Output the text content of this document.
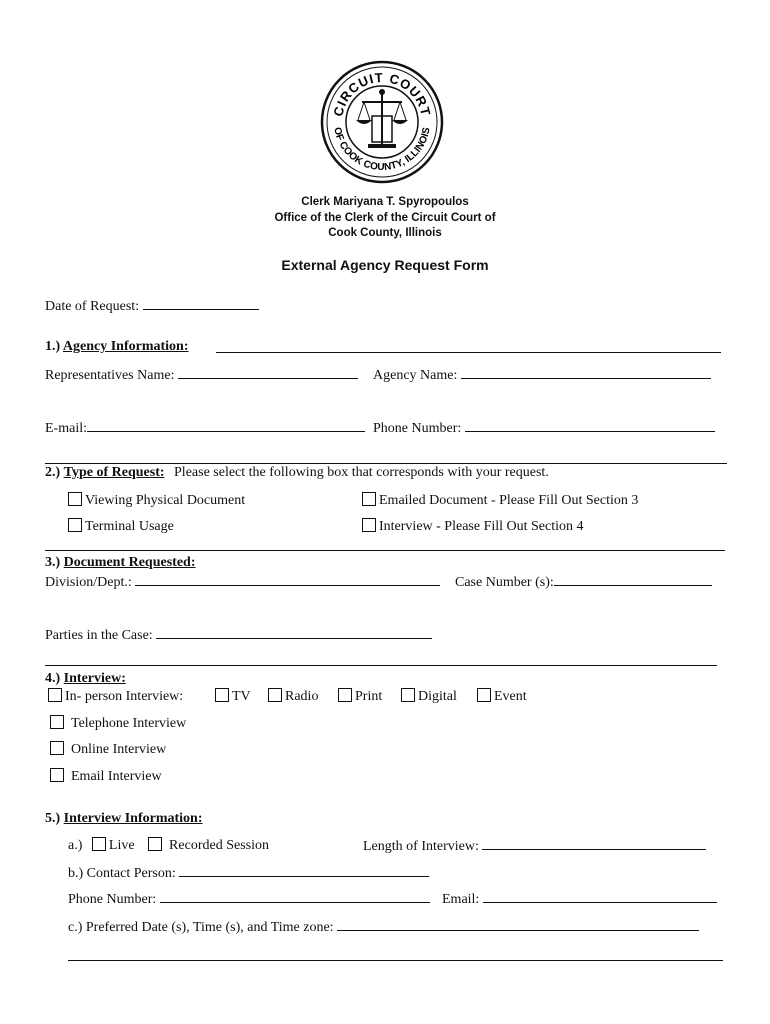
CIRCUIT COURT
OF COOK COUNTY, ILLINOIS
Clerk Mariyana T. Spyropoulos
Office of the Clerk of the Circuit Court of
Cook County, Illinois
External Agency Request Form
Date of Request:
1.) Agency Information:
Representatives Name:	Agency Name:
E-mail:	Phone Number:
2.) Type of Request: Please select the following box that corresponds with your request.
Viewing Physical Document	Emailed Document - Please Fill Out Section 3
Terminal Usage	Interview - Please Fill Out Section 4
3.) Document Requested:
Division/Dept.:	Case Number (s):
Parties in the Case:
4.) Interview:
In- person Interview:	TV	Radio	Print	Digital	Event
Telephone Interview
Online Interview
Email Interview
5.) Interview Information:
a.) Live Recorded Session	Length of Interview:
b.) Contact Person:
Phone Number:	Email:
c.) Preferred Date (s), Time (s), and Time zone:
